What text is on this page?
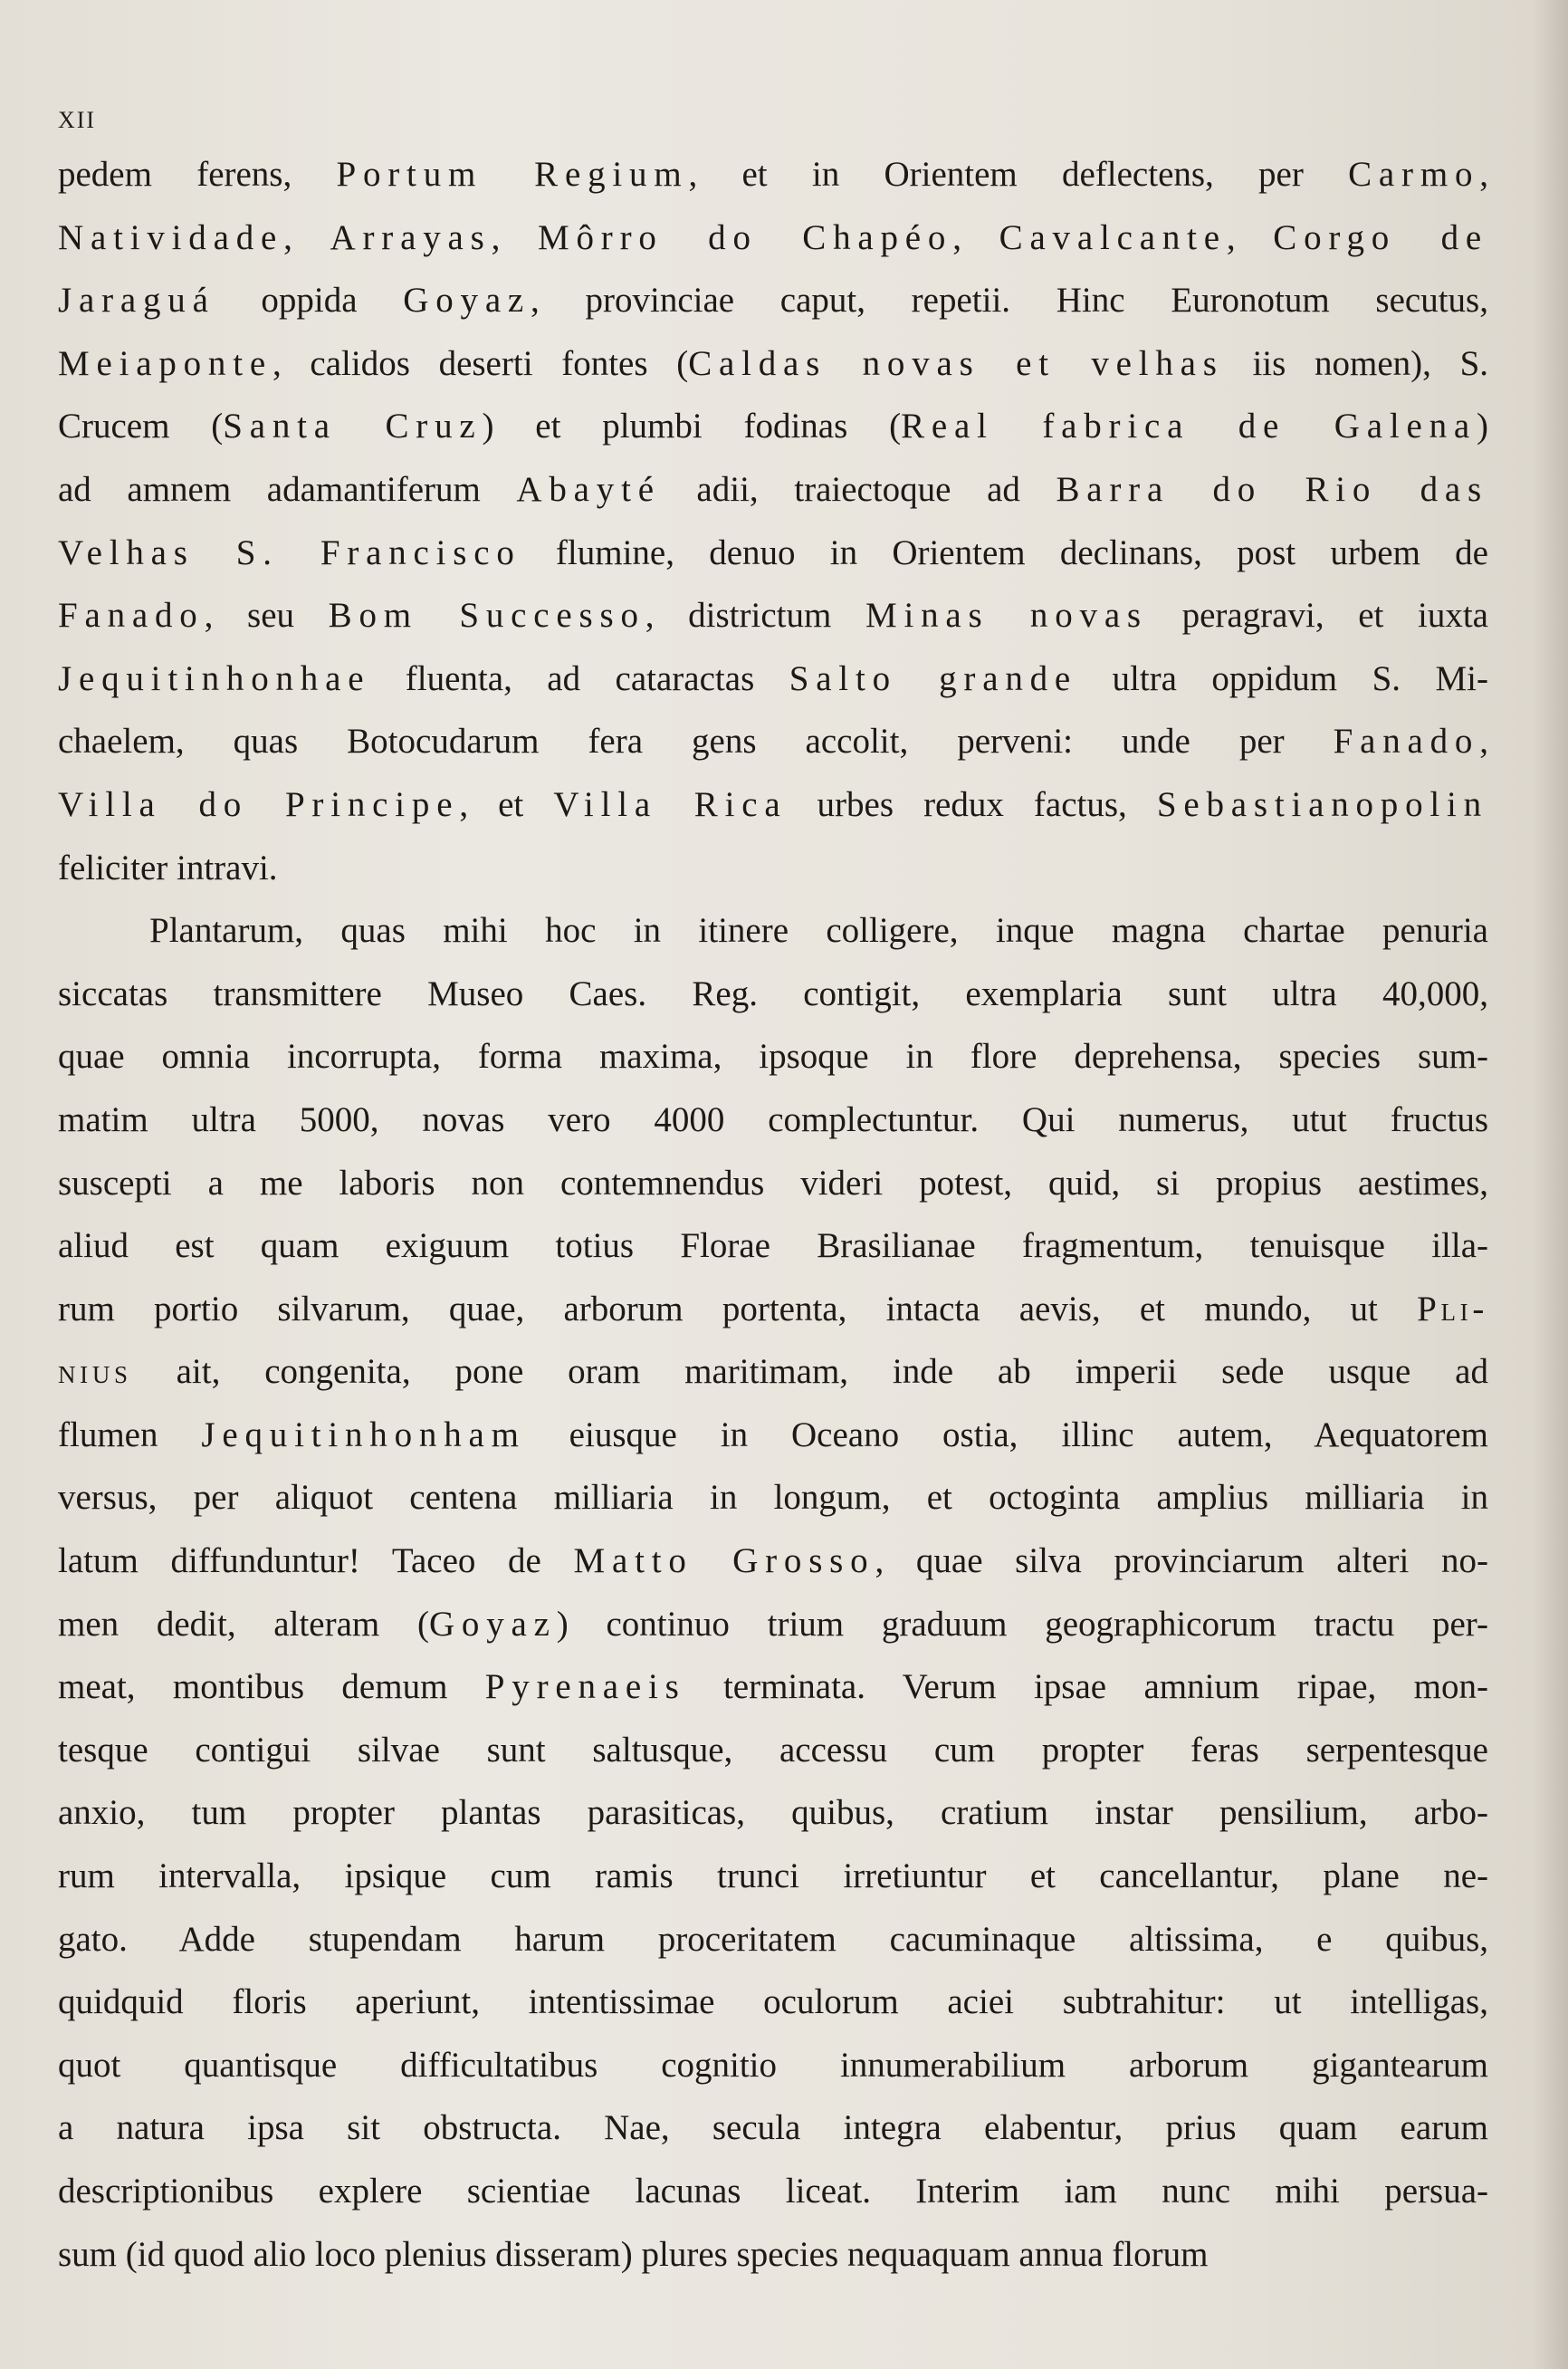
XII
pedem ferens, Portum Regium, et in Orientem deflectens, per Carmo,
Natividade, Arrayas, Môrro do Chapéo, Cavalcante, Corgo de
Jaraguá oppida Goyaz, provinciae caput, repetii. Hinc Euronotum secutus,
Meiaponte, calidos deserti fontes (Caldas novas et velhas iis nomen), S.
Crucem (Santa Cruz) et plumbi fodinas (Real fabrica de Galena)
ad amnem adamantiferum Abayté adii, traiectoque ad Barra do Rio das
Velhas S. Francisco flumine, denuo in Orientem declinans, post urbem de
Fanado, seu Bom Successo, districtum Minas novas peragravi, et iuxta
Jequitinhonhae fluenta, ad cataractas Salto grande ultra oppidum S. Mi-
chaelem, quas Botocudarum fera gens accolit, perveni: unde per Fanado,
Villa do Principe, et Villa Rica urbes redux factus, Sebastianopolin
feliciter intravi.
Plantarum, quas mihi hoc in itinere colligere, inque magna chartae penuria
siccatas transmittere Museo Caes. Reg. contigit, exemplaria sunt ultra 40,000,
quae omnia incorrupta, forma maxima, ipsoque in flore deprehensa, species sum-
matim ultra 5000, novas vero 4000 complectuntur. Qui numerus, utut fructus
suscepti a me laboris non contemnendus videri potest, quid, si propius aestimes,
aliud est quam exiguum totius Florae Brasilianae fragmentum, tenuisque illa-
rum portio silvarum, quae, arborum portenta, intacta aevis, et mundo, ut Pli-
nius ait, congenita, pone oram maritimam, inde ab imperii sede usque ad
flumen Jequitinhonham eiusque in Oceano ostia, illinc autem, Aequatorem
versus, per aliquot centena milliaria in longum, et octoginta amplius milliaria in
latum diffunduntur! Taceo de Matto Grosso, quae silva provinciarum alteri no-
men dedit, alteram (Goyaz) continuo trium graduum geographicorum tractu per-
meat, montibus demum Pyrenaeis terminata. Verum ipsae amnium ripae, mon-
tesque contigui silvae sunt saltusque, accessu cum propter feras serpentesque
anxio, tum propter plantas parasiticas, quibus, cratium instar pensilium, arbo-
rum intervalla, ipsique cum ramis trunci irretiuntur et cancellantur, plane ne-
gato. Adde stupendam harum proceritatem cacuminaque altissima, e quibus,
quidquid floris aperiunt, intentissimae oculorum aciei subtrahitur: ut intelligas,
quot quantisque difficultatibus cognitio innumerabilium arborum gigantearum
a natura ipsa sit obstructa. Nae, secula integra elabentur, prius quam earum
descriptionibus explere scientiae lacunas liceat. Interim iam nunc mihi persua-
sum (id quod alio loco plenius disseram) plures species nequaquam annua florum
